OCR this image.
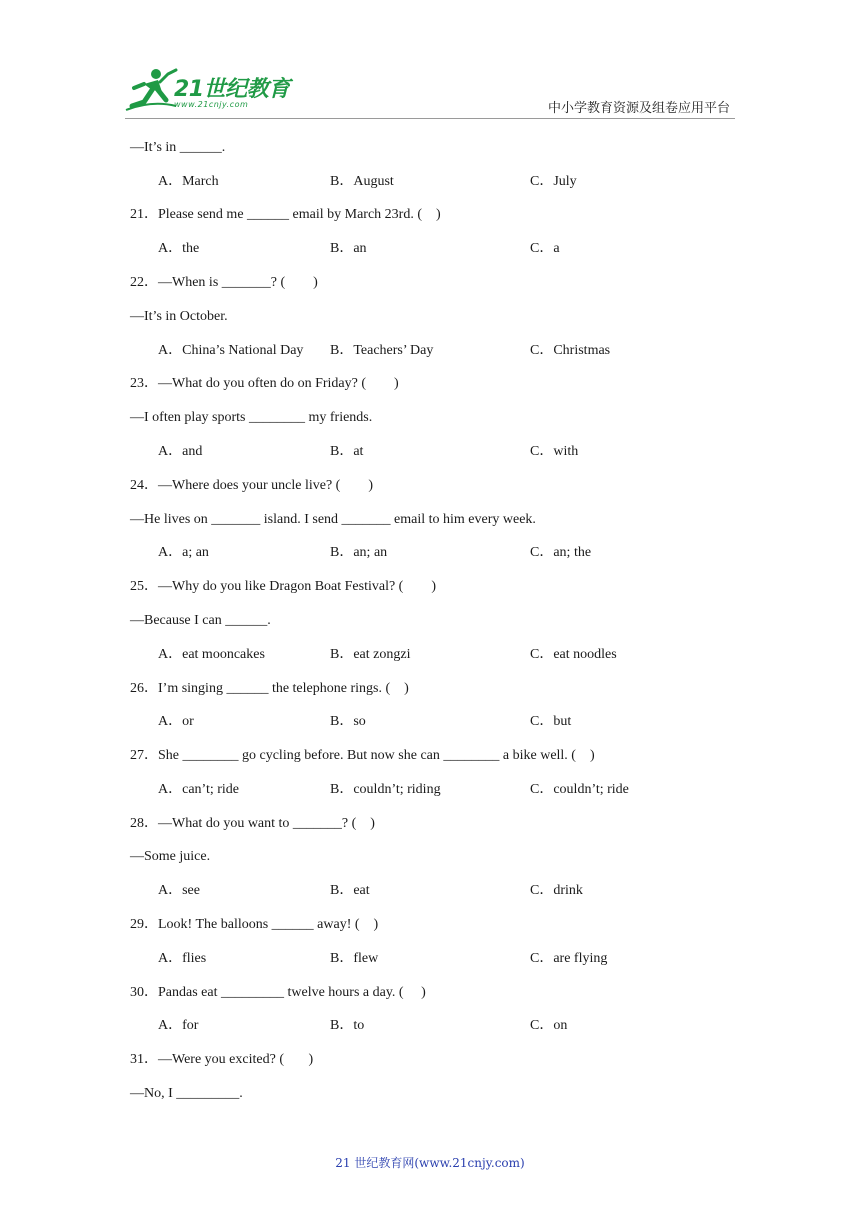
21世纪教育
www.21cnjy.com	中小学教育资源及组卷应用平台
—It’s in ______.
A．March	B．August	C．July
21．Please send me ______ email by March 23rd. (    )
A．the	B．an	C．a
22．—When is _______? (        )
—It’s in October.
A．China’s National Day B．Teachers’ Day	C．Christmas
23．—What do you often do on Friday? (        )
—I often play sports ________ my friends.
A．and	B．at	C．with
24．—Where does your uncle live? (        )
—He lives on _______ island. I send _______ email to him every week.
A．a; an	B．an; an	C．an; the
25．—Why do you like Dragon Boat Festival? (        )
—Because I can ______.
A．eat mooncakes	B．eat zongzi	C．eat noodles
26．I’m singing ______ the telephone rings. (    )
A．or	B．so	C．but
27．She ________ go cycling before. But now she can ________ a bike well. (    )
A．can’t; ride	B．couldn’t; riding	C．couldn’t; ride
28．—What do you want to _______? (    )
—Some juice.
A．see	B．eat	C．drink
29．Look! The balloons ______ away! (    )
A．flies	B．flew	C．are flying
30．Pandas eat _________ twelve hours a day. (     )
A．for	B．to	C．on
31．—Were you excited? (       )
—No, I _________.
21 世纪教育网(www.21cnjy.com)
